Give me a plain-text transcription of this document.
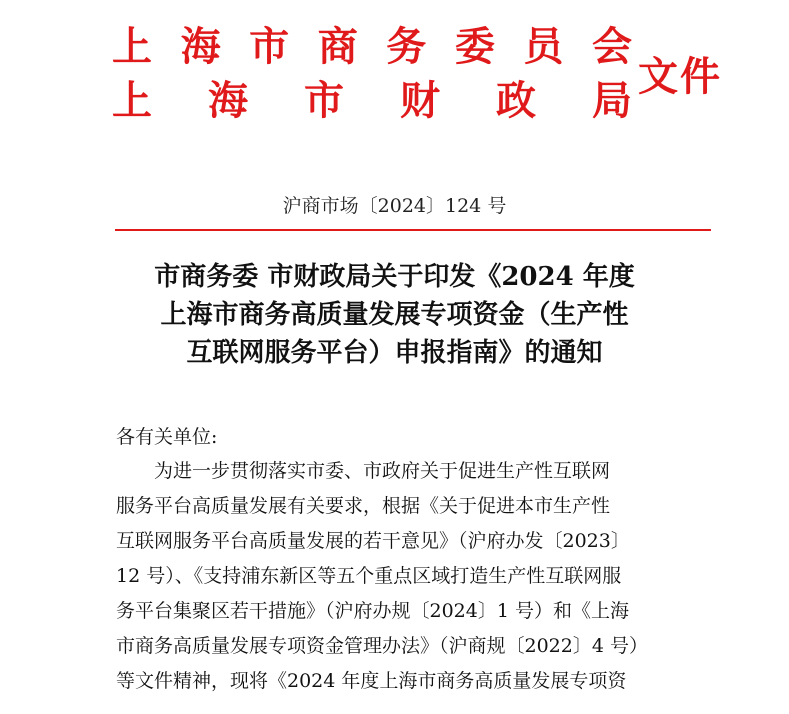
上 海 市 商 务 委 员 会
上 海 市 财 政 局
文件
沪商市场〔2024〕124 号
市商务委 市财政局关于印发《2024 年度
上海市商务高质量发展专项资金（生产性
互联网服务平台）申报指南》的通知
各有关单位:
为进一步贯彻落实市委、市政府关于促进生产性互联网
服务平台高质量发展有关要求，根据《关于促进本市生产性
互联网服务平台高质量发展的若干意见》（沪府办发〔2023〕
12 号）、《支持浦东新区等五个重点区域打造生产性互联网服
务平台集聚区若干措施》（沪府办规〔2024〕1 号）和《上海
市商务高质量发展专项资金管理办法》（沪商规〔2022〕4 号）
等文件精神，现将《2024 年度上海市商务高质量发展专项资
